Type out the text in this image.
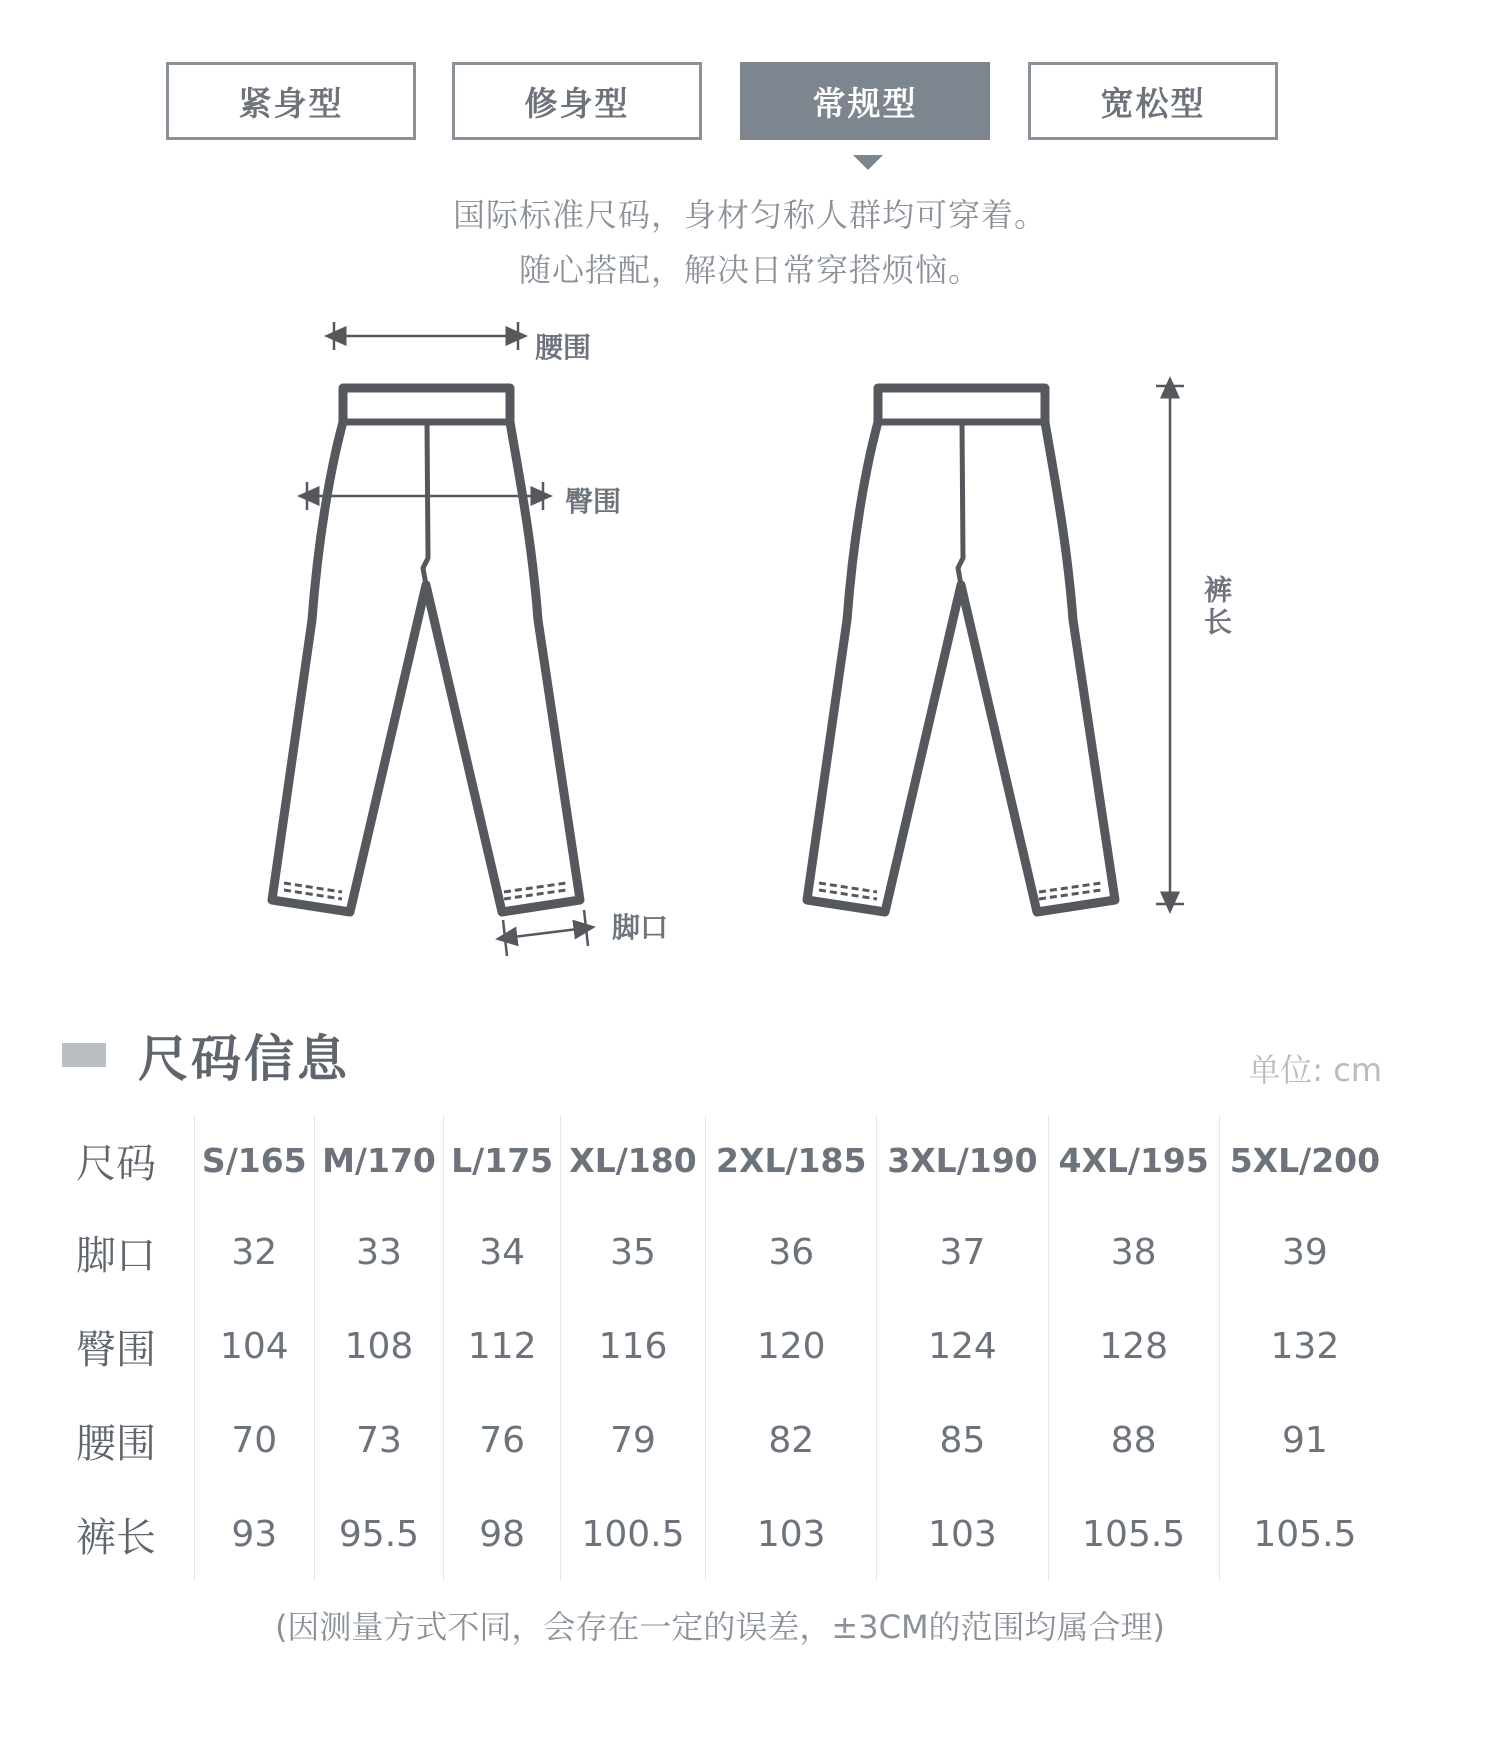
紧身型	修身型	常规型	宽松型
国际标准尺码，身材匀称人群均可穿着。
随心搭配，解决日常穿搭烦恼。
腰围
臀围
脚口
裤长
尺码信息	单位: cm
尺码	S/165	M/170	L/175	XL/180	2XL/185	3XL/190	4XL/195	5XL/200
脚口	32	33	34	35	36	37	38	39
臀围	104	108	112	116	120	124	128	132
腰围	70	73	76	79	82	85	88	91
裤长	93	95.5	98	100.5	103	103	105.5	105.5
(因测量方式不同，会存在一定的误差，±3CM的范围均属合理)
